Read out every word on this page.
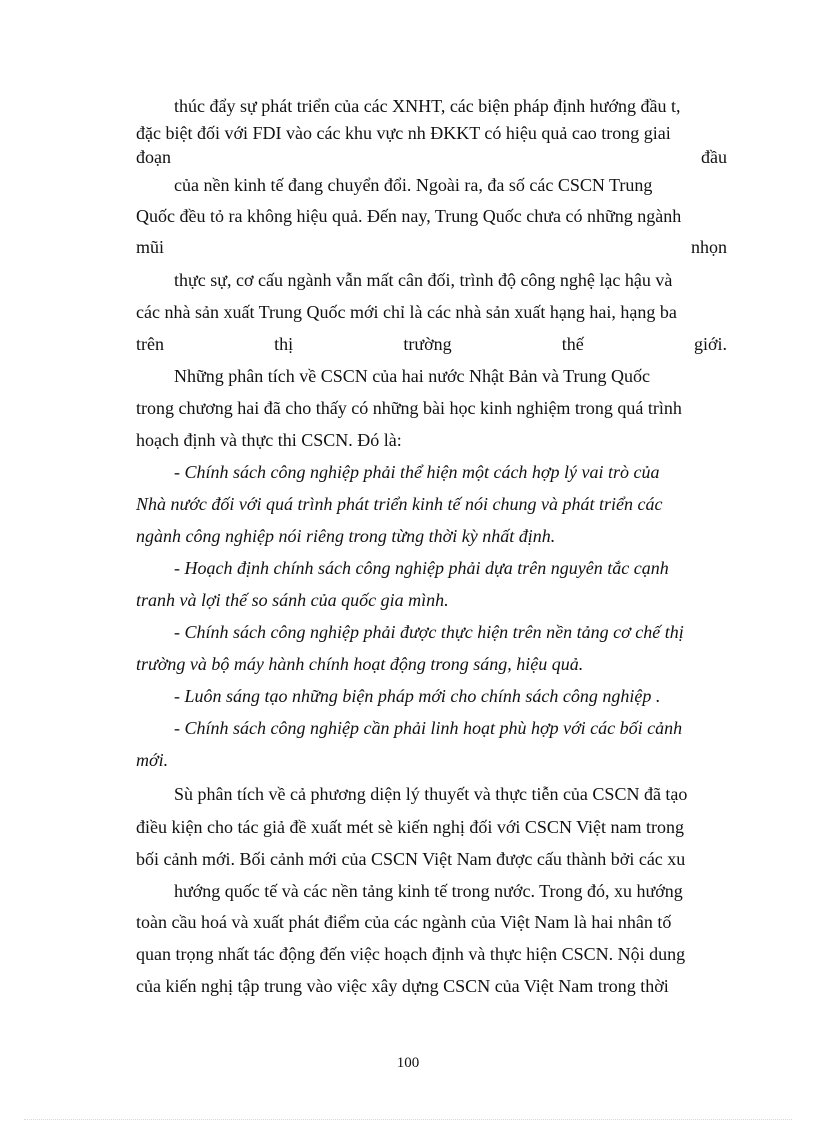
thúc đẩy sự phát triển của các XNHT, các biện pháp định hướng đầu t,
đặc biệt đối với FDI vào các khu vực nh ĐKKT có hiệu quả cao trong giai
đoạn	đầu
của nền kinh tế đang chuyển đổi. Ngoài ra, đa số các CSCN Trung
Quốc đều tỏ ra không hiệu quả. Đến nay, Trung Quốc chưa có những ngành
mũi	nhọn
thực sự, cơ cấu ngành vẫn mất cân đối, trình độ công nghệ lạc hậu và
các nhà sản xuất Trung Quốc mới chỉ là các nhà sản xuất hạng hai, hạng ba
trên	thị	trường	thế	giới.
Những phân tích về CSCN của hai nước Nhật Bản và Trung Quốc
trong chương hai đã cho thấy có những bài học kinh nghiệm trong quá trình
hoạch định và thực thi CSCN. Đó là:
- Chính sách công nghiệp phải thể hiện một cách hợp lý vai trò của
Nhà nước đối với quá trình phát triển kinh tế nói chung và phát triển các
ngành công nghiệp nói riêng trong từng thời kỳ nhất định.
- Hoạch định chính sách công nghiệp phải dựa trên nguyên tắc cạnh
tranh và lợi thế so sánh của quốc gia mình.
- Chính sách công nghiệp phải được thực hiện trên nền tảng cơ chế thị
trường và bộ máy hành chính hoạt động trong sáng, hiệu quả.
- Luôn sáng tạo những biện pháp mới cho chính sách công nghiệp .
- Chính sách công nghiệp cần phải linh hoạt phù hợp với các bối cảnh
mới.
Sù phân tích về cả phương diện lý thuyết và thực tiễn của CSCN đã tạo
điều kiện cho tác giả đề xuất mét sè kiến nghị đối với CSCN Việt nam trong
bối cảnh mới. Bối cảnh mới của CSCN Việt Nam được cấu thành bởi các xu
hướng quốc tế và các nền tảng kinh tế trong nước. Trong đó, xu hướng
toàn cầu hoá và xuất phát điểm của các ngành của Việt Nam là hai nhân tố
quan trọng nhất tác động đến việc hoạch định và thực hiện CSCN. Nội dung
của kiến nghị tập trung vào việc xây dựng CSCN của Việt Nam trong thời
100
